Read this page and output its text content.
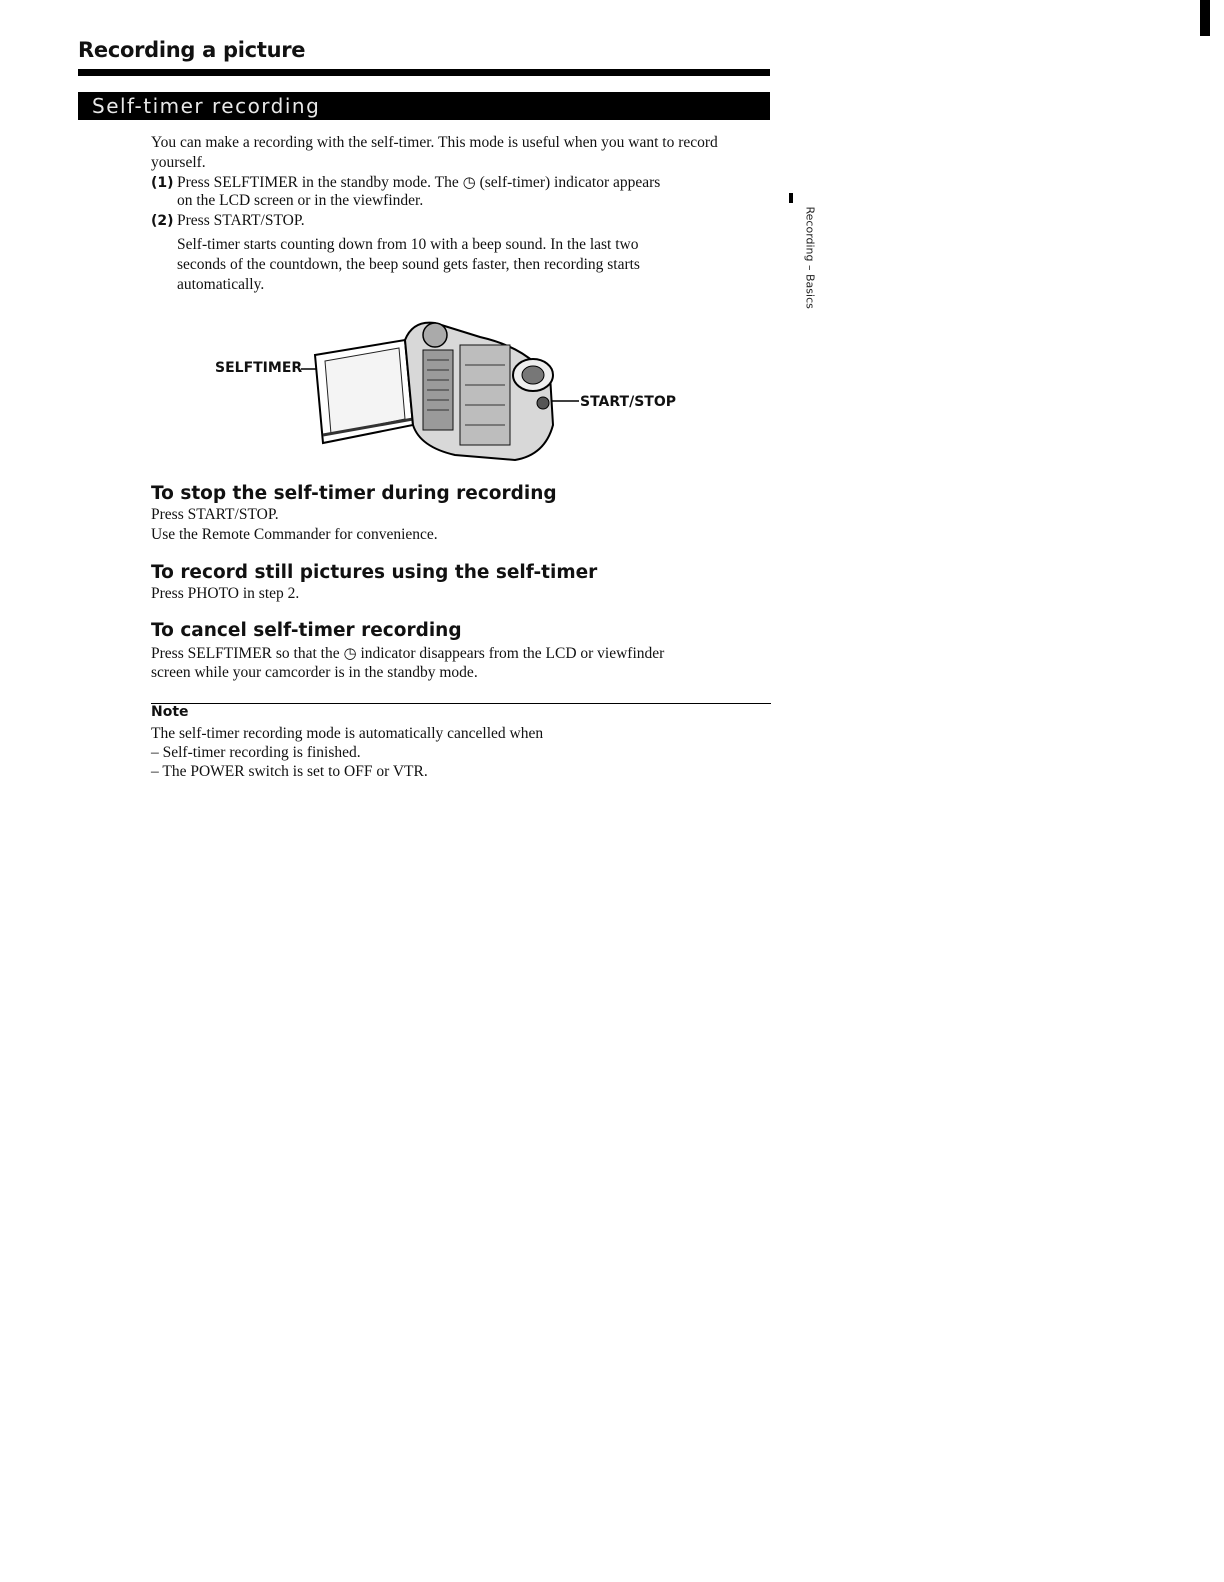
Recording a picture
Self-timer recording
Recording – Basics
You can make a recording with the self-timer. This mode is useful when you want to record yourself.
(1) Press SELFTIMER in the standby mode. The ◷ (self-timer) indicator appears
on the LCD screen or in the viewfinder.
(2) Press START/STOP.
Self-timer starts counting down from 10 with a beep sound. In the last two
seconds of the countdown, the beep sound gets faster, then recording starts
automatically.
SELFTIMER
START/STOP
To stop the self-timer during recording
Press START/STOP.
Use the Remote Commander for convenience.
To record still pictures using the self-timer
Press PHOTO in step 2.
To cancel self-timer recording
Press SELFTIMER so that the ◷ indicator disappears from the LCD or viewfinder
screen while your camcorder is in the standby mode.
Note
The self-timer recording mode is automatically cancelled when
– Self-timer recording is finished.
– The POWER switch is set to OFF or VTR.
